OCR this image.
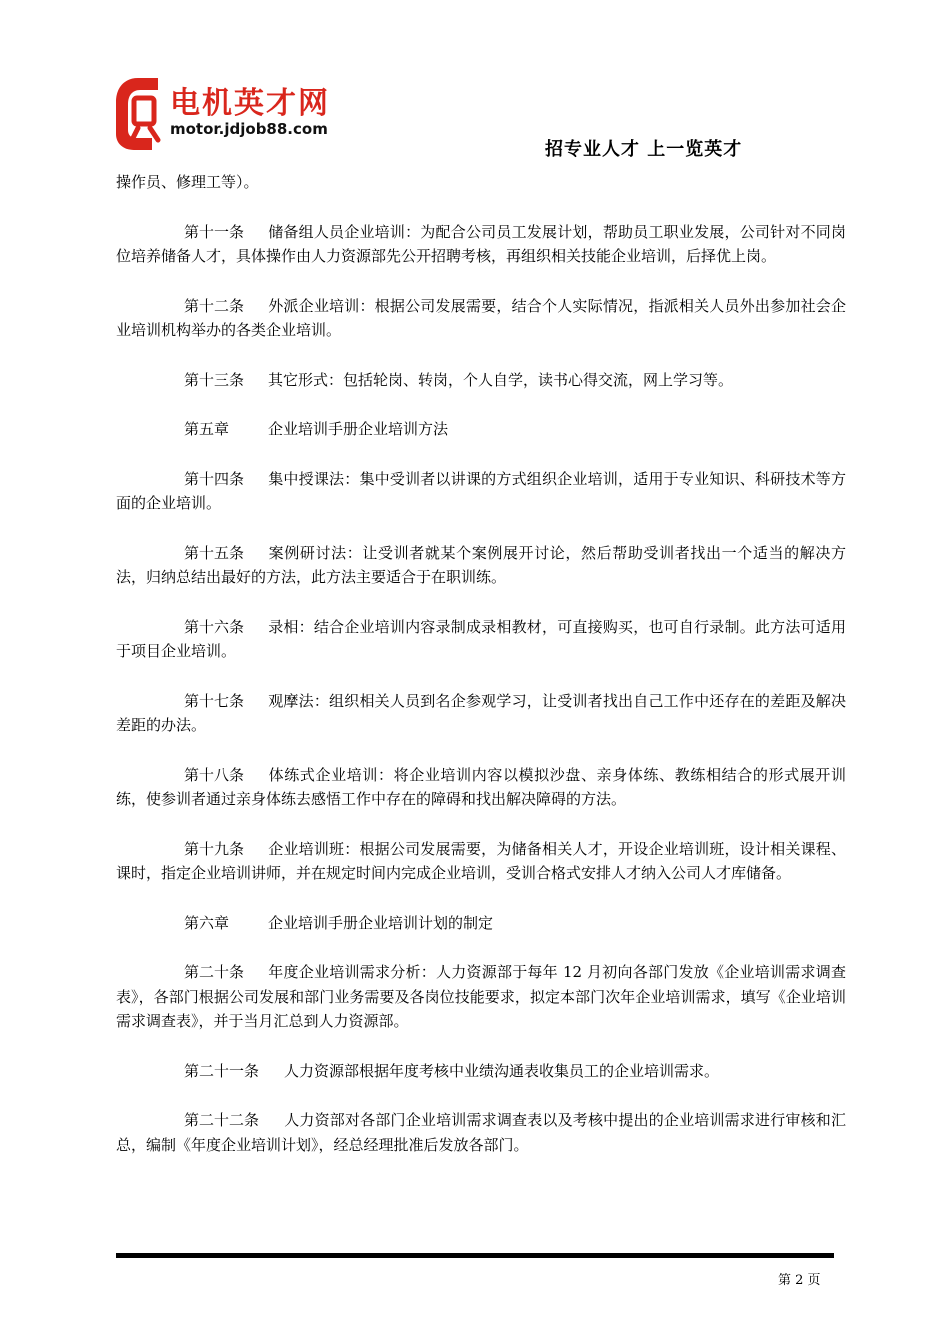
电机英才网
motor.jdjob88.com
招专业人才 上一览英才

操作员、修理工等）。

第十一条 储备组人员企业培训：为配合公司员工发展计划，帮助员工职业发展，公司针对不同岗位培养储备人才，具体操作由人力资源部先公开招聘考核，再组织相关技能企业培训，后择优上岗。

第十二条 外派企业培训：根据公司发展需要，结合个人实际情况，指派相关人员外出参加社会企业培训机构举办的各类企业培训。

第十三条 其它形式：包括轮岗、转岗，个人自学，读书心得交流，网上学习等。

第五章	企业培训手册企业培训方法

第十四条 集中授课法：集中受训者以讲课的方式组织企业培训，适用于专业知识、科研技术等方面的企业培训。

第十五条 案例研讨法：让受训者就某个案例展开讨论，然后帮助受训者找出一个适当的解决方法，归纳总结出最好的方法，此方法主要适合于在职训练。

第十六条 录相：结合企业培训内容录制成录相教材，可直接购买，也可自行录制。此方法可适用于项目企业培训。

第十七条 观摩法：组织相关人员到名企参观学习，让受训者找出自己工作中还存在的差距及解决差距的办法。

第十八条 体练式企业培训：将企业培训内容以模拟沙盘、亲身体练、教练相结合的形式展开训练，使参训者通过亲身体练去感悟工作中存在的障碍和找出解决障碍的方法。

第十九条 企业培训班：根据公司发展需要，为储备相关人才，开设企业培训班，设计相关课程、课时，指定企业培训讲师，并在规定时间内完成企业培训，受训合格式安排人才纳入公司人才库储备。

第六章	企业培训手册企业培训计划的制定

第二十条 年度企业培训需求分析：人力资源部于每年 12 月初向各部门发放《企业培训需求调查表》，各部门根据公司发展和部门业务需要及各岗位技能要求，拟定本部门次年企业培训需求，填写《企业培训需求调查表》，并于当月汇总到人力资源部。

第二十一条 人力资源部根据年度考核中业绩沟通表收集员工的企业培训需求。

第二十二条 人力资部对各部门企业培训需求调查表以及考核中提出的企业培训需求进行审核和汇总，编制《年度企业培训计划》，经总经理批准后发放各部门。

第 2 页
